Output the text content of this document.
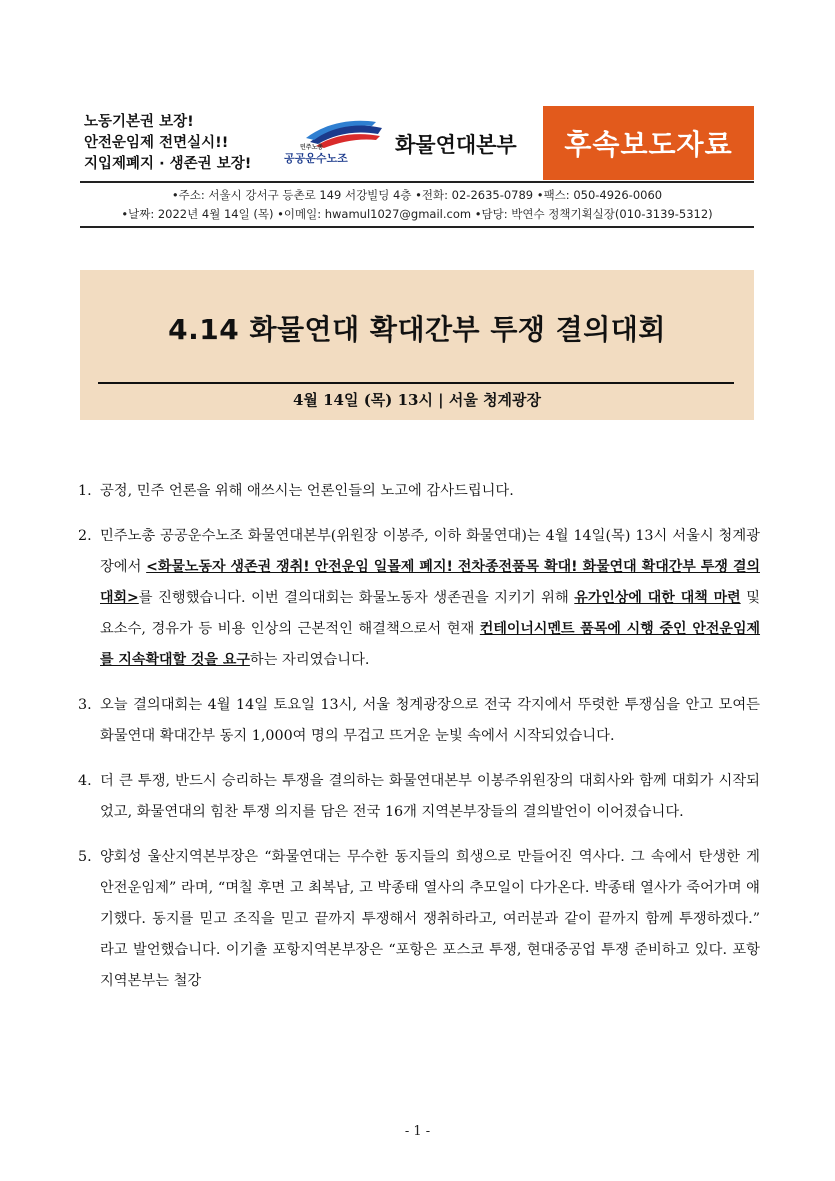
노동기본권 보장!
안전운임제 전면실시!!
지입제폐지 · 생존권 보장!
민주노총
공공운수노조
화물연대본부	후속보도자료
•주소: 서울시 강서구 등촌로 149 서강빌딩 4층 •전화: 02-2635-0789 •팩스: 050-4926-0060
•날짜: 2022년 4월 14일 (목) •이메일: hwamul1027@gmail.com •담당: 박연수 정책기획실장(010-3139-5312)
4.14 화물연대 확대간부 투쟁 결의대회
4월 14일 (목) 13시 | 서울 청계광장
1. 공정, 민주 언론을 위해 애쓰시는 언론인들의 노고에 감사드립니다.
2. 민주노총 공공운수노조 화물연대본부(위원장 이봉주, 이하 화물연대)는 4월 14일(목) 13시 서울시 청계광장에서 <화물노동자 생존권 쟁취! 안전운임 일몰제 폐지! 전차종전품목 확대! 화물연대 확대간부 투쟁 결의대회>를 진행했습니다. 이번 결의대회는 화물노동자 생존권을 지키기 위해 유가인상에 대한 대책 마련 및 요소수, 경유가 등 비용 인상의 근본적인 해결책으로서 현재 컨테이너시멘트 품목에 시행 중인 안전운임제를 지속확대할 것을 요구하는 자리였습니다.
3. 오늘 결의대회는 4월 14일 토요일 13시, 서울 청계광장으로 전국 각지에서 뚜렷한 투쟁심을 안고 모여든 화물연대 확대간부 동지 1,000여 명의 무겁고 뜨거운 눈빛 속에서 시작되었습니다.
4. 더 큰 투쟁, 반드시 승리하는 투쟁을 결의하는 화물연대본부 이봉주위원장의 대회사와 함께 대회가 시작되었고, 화물연대의 힘찬 투쟁 의지를 담은 전국 16개 지역본부장들의 결의발언이 이어졌습니다.
5. 양회성 울산지역본부장은 “화물연대는 무수한 동지들의 희생으로 만들어진 역사다. 그 속에서 탄생한 게 안전운임제” 라며, “며칠 후면 고 최복남, 고 박종태 열사의 추모일이 다가온다. 박종태 열사가 죽어가며 얘기했다. 동지를 믿고 조직을 믿고 끝까지 투쟁해서 쟁취하라고, 여러분과 같이 끝까지 함께 투쟁하겠다.” 라고 발언했습니다. 이기출 포항지역본부장은 “포항은 포스코 투쟁, 현대중공업 투쟁 준비하고 있다. 포항지역본부는 철강
- 1 -
